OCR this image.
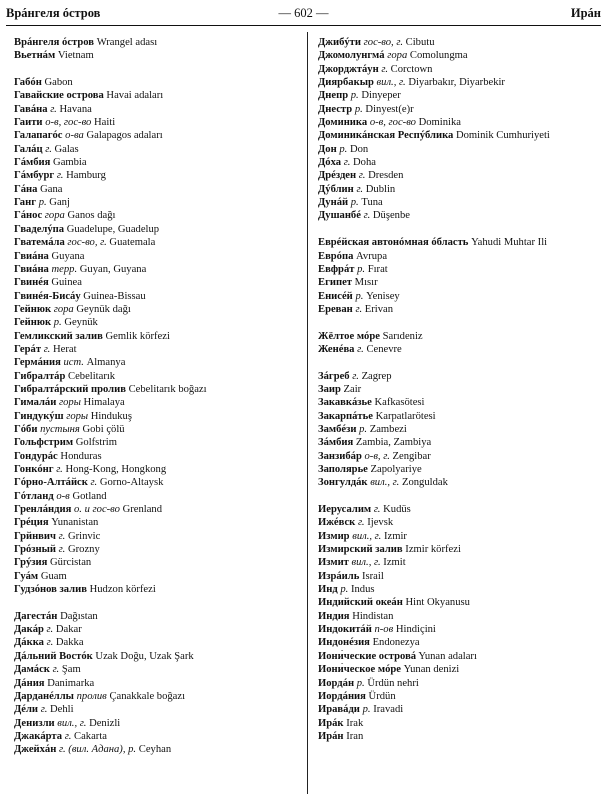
Врáнгеля óстров	— 602 —	Ирáн
Врáнгеля óстров Wrangel adası
Вьетнáм Vietnam
Габóн Gabon
Гавайские острова Havai adaları
Гавáна г. Havana
Гаити о-в, гос-во Haiti
Галапагóс о-ва Galapagos adaları
Галáц г. Galas
Гáмбия Gambia
Гáмбург г. Hamburg
Гáна Gana
Ганг р. Ganj
Гáнос гора Ganos dağı
Гваделýпа Guadelupe, Guadelup
Гватемáла гос-во, г. Guatemala
Гвиáна Guyana
Гвиáна терр. Guyan, Guyana
Гвинéя Guinea
Гвинéя-Бисáу Guinea-Bissau
Гейнюк гора Geynük dağı
Гейнюк р. Geynük
Гемликский залив Gemlik körfezi
Герáт г. Herat
Гермáния ист. Almanya
Гибралтáр Cebelitarık
Гибралтáрский пролив Cebelitarık boğazı
Гималáи горы Himalaya
Гиндукýш горы Hindukuş
Гóби пустыня Gobi çölü
Гольфстрим Golfstrim
Гондурáс Honduras
Гонкóнг г. Hong-Kong, Hongkong
Гóрно-Алтáйск г. Gorno-Altaysk
Гóтланд о-в Gotland
Гренлáндия о. и гос-во Grenland
Грéция Yunanistan
Грйнвич г. Grinvic
Грóзный г. Grozny
Грýзия Gürcistan
Гуáм Guam
Гудзóнов залив Hudzon körfezi
Дагестáн Dağıstan
Дакáр г. Dakar
Дáкка г. Dakka
Дáльний Востóк Uzak Doğu, Uzak Şark
Дамáск г. Şam
Дáния Danimarka
Дарданéллы пролив Çanakkale boğazı
Дéли г. Dehli
Денизли вил., г. Denizli
Джакáрта г. Cakarta
Джейхáн г. (вил. Адана), р. Ceyhan
Джибýти гос-во, г. Cibutu
Джомолунгмá гора Comolungma
Джорджтáун г. Corctown
Диярбакыр вил., г. Diyarbakır, Diyarbekir
Днепр р. Dinyeper
Днестр р. Dinyest(e)r
Доминика о-в, гос-во Dominika
Доминикáнская Респýблика Dominik Cumhuriyeti
Дон р. Don
Дóха г. Doha
Дрéзден г. Dresden
Дýблин г. Dublin
Дунáй р. Tuna
Душанбé г. Düşenbe
Еврéйская автонóмная óбласть Yahudi Muhtar Ili
Еврóпа Avrupa
Евфрáт р. Fırat
Египет Mısır
Енисéй р. Yenisey
Ереван г. Erivan
Жёлтое мóре Sarıdeniz
Женéва г. Cenevre
Зáгреб г. Zagrep
Заир Zair
Закавкáзье Kafkasötesi
Закарпáтье Karpatlarötesi
Замбéзи р. Zambezi
Зáмбия Zambia, Zambiya
Занзибáр о-в, г. Zengibar
Заполярье Zapolyariye
Зонгулдáк вил., г. Zonguldak
Иерусалим г. Kudüs
Ижéвск г. Ijevsk
Измир вил., г. Izmir
Измирский залив Izmir körfezi
Измит вил., г. Izmit
Изрáиль Israil
Инд р. Indus
Индийский океáн Hint Okyanusu
Индия Hindistan
Индокитáй п-ов Hindiçini
Индонéзия Endonezya
Иони́ческие островá Yunan adaları
Иони́ческое мóре Yunan denizi
Иордáн р. Ürdün nehri
Иордáния Ürdün
Иравáди р. Iravadi
Ирáк Irak
Ирáн Iran
